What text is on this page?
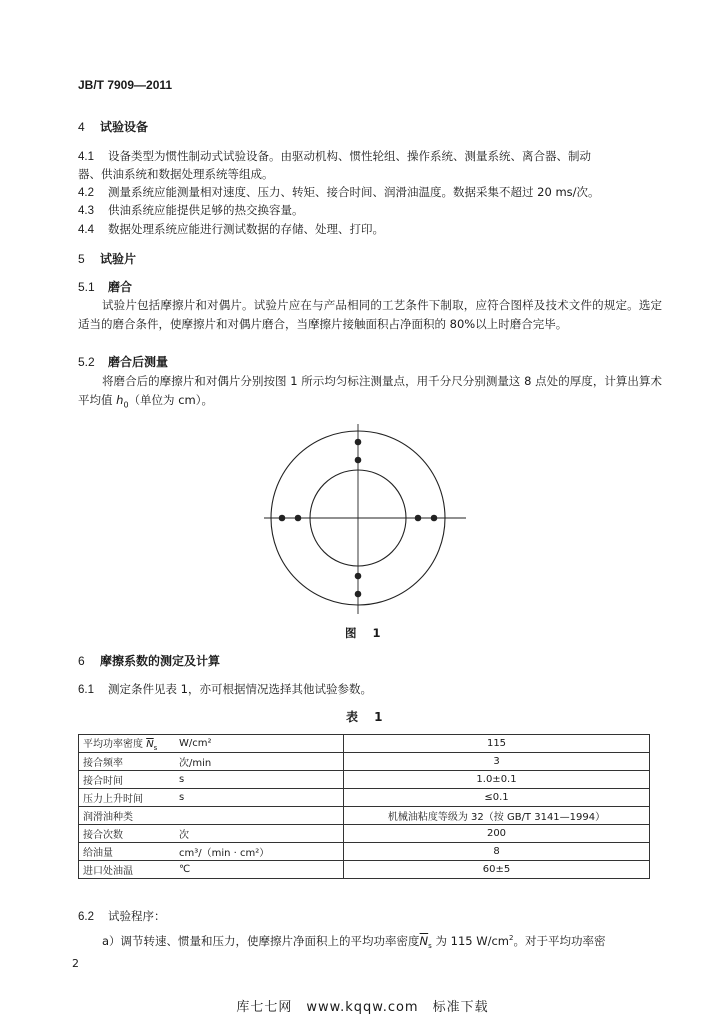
JB/T 7909—2011
4 试验设备
4.1 设备类型为惯性制动式试验设备。由驱动机构、惯性轮组、操作系统、测量系统、离合器、制动
器、供油系统和数据处理系统等组成。
4.2 测量系统应能测量相对速度、压力、转矩、接合时间、润滑油温度。数据采集不超过 20 ms/次。
4.3 供油系统应能提供足够的热交换容量。
4.4 数据处理系统应能进行测试数据的存储、处理、打印。
5 试验片
5.1 磨合
试验片包括摩擦片和对偶片。试验片应在与产品相同的工艺条件下制取，应符合图样及技术文件的规定。选定适当的磨合条件，使摩擦片和对偶片磨合，当摩擦片接触面积占净面积的 80%以上时磨合完毕。
5.2 磨合后测量
将磨合后的摩擦片和对偶片分别按图 1 所示均匀标注测量点，用千分尺分别测量这 8 点处的厚度，计算出算术平均值 $h_0$（单位为 cm）。
图 1
6 摩擦系数的测定及计算
6.1 测定条件见表 1，亦可根据情况选择其他试验参数。
表 1
平均功率密度 $\overline{N}_s$	W/cm²	115
接合频率	次/min	3
接合时间	s	1.0±0.1
压力上升时间	s	≤0.1
润滑油种类		机械油粘度等级为 32（按 GB/T 3141—1994）
接合次数	次	200
给油量	cm³/（min · cm²）	8
进口处油温	℃	60±5
6.2 试验程序：
a）调节转速、惯量和压力，使摩擦片净面积上的平均功率密度$\overline{N}_s$ 为 115 $W/cm^2$。对于平均功率密
2
库七七网　www.kqqw.com　标准下载
